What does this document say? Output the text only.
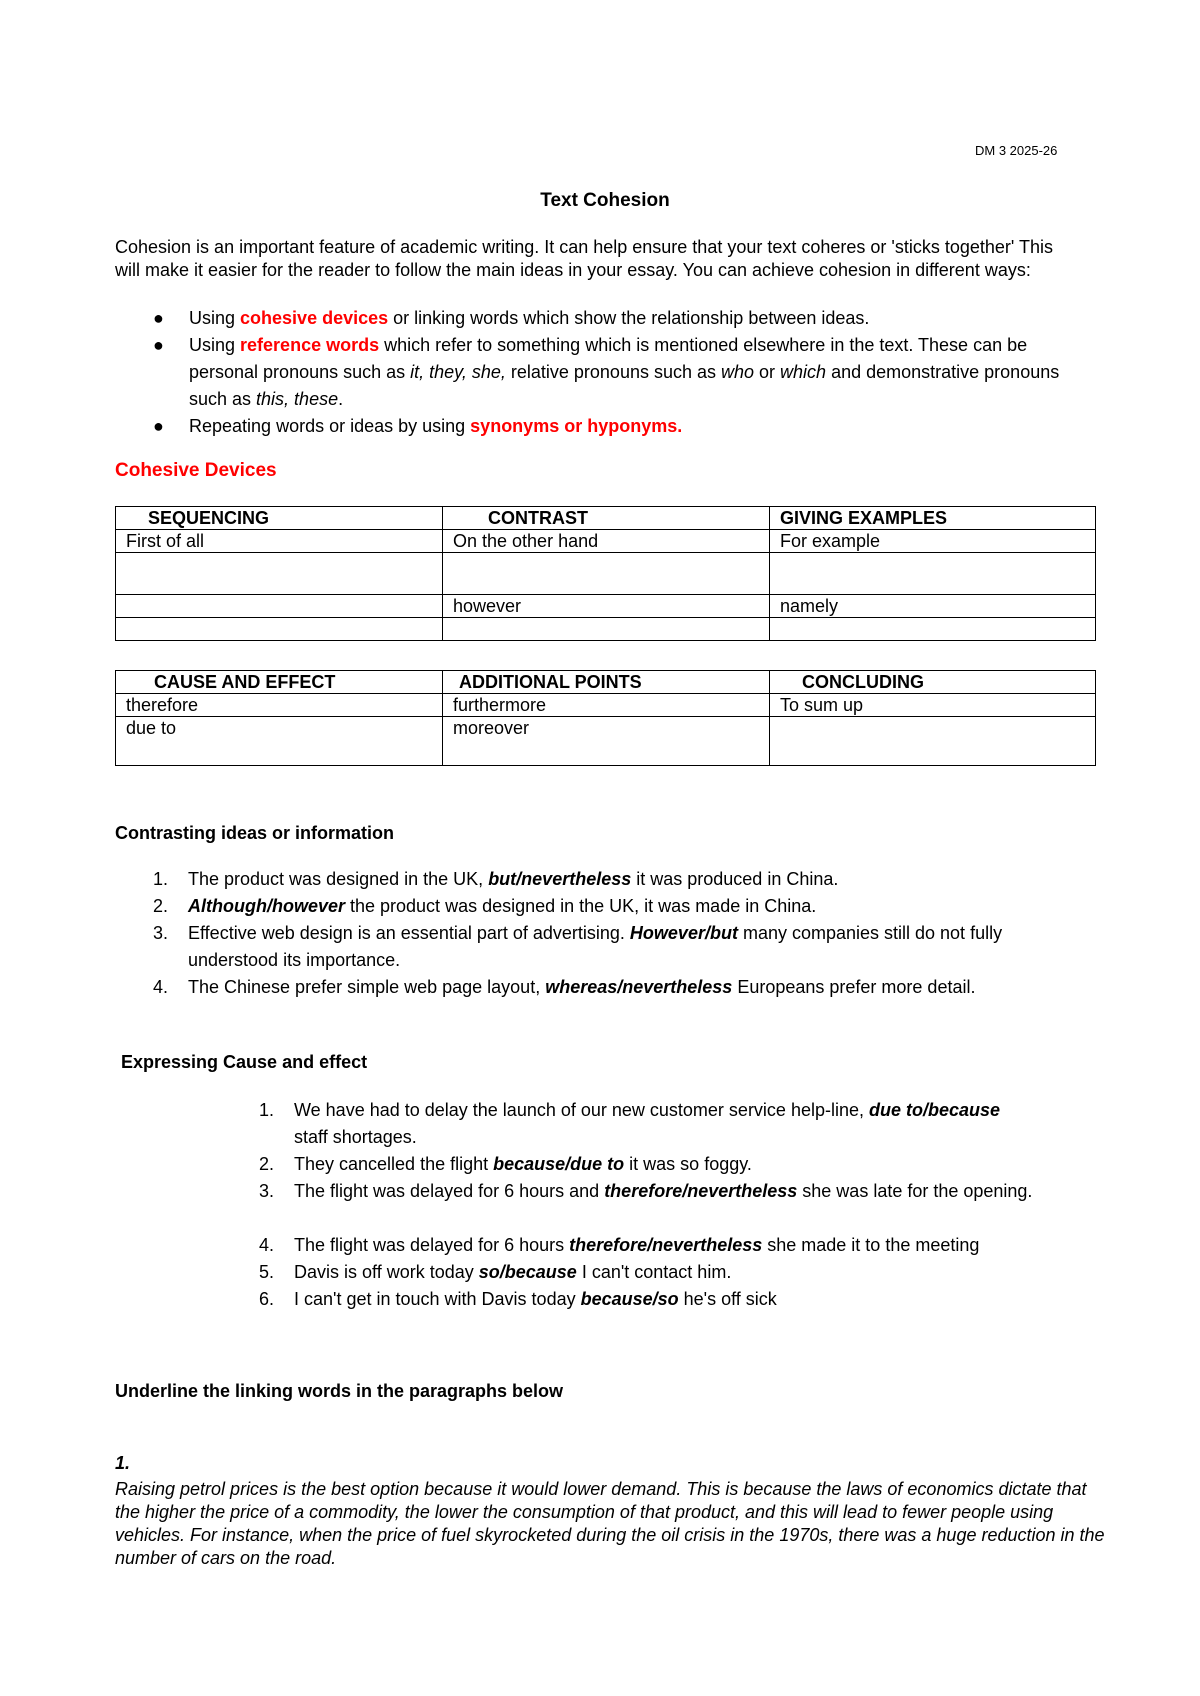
DM 3 2025-26
Text Cohesion
Cohesion is an important feature of academic writing. It can help ensure that your text coheres or 'sticks together' This will make it easier for the reader to follow the main ideas in your essay. You can achieve cohesion in different ways:
● Using cohesive devices or linking words which show the relationship between ideas.
● Using reference words which refer to something which is mentioned elsewhere in the text. These can be personal pronouns such as it, they, she, relative pronouns such as who or which and demonstrative pronouns such as this, these.
● Repeating words or ideas by using synonyms or hyponyms.
Cohesive Devices
SEQUENCING	CONTRAST	GIVING EXAMPLES
First of all	On the other hand	For example

	however	namely

CAUSE AND EFFECT	ADDITIONAL POINTS	CONCLUDING
therefore	furthermore	To sum up
due to	moreover	
Contrasting ideas or information
1. The product was designed in the UK, but/nevertheless it was produced in China.
2. Although/however the product was designed in the UK, it was made in China.
3. Effective web design is an essential part of advertising. However/but many companies still do not fully understood its importance.
4. The Chinese prefer simple web page layout, whereas/nevertheless Europeans prefer more detail.
Expressing Cause and effect
1. We have had to delay the launch of our new customer service help-line, due to/because staff shortages.
2. They cancelled the flight because/due to it was so foggy.
3. The flight was delayed for 6 hours and therefore/nevertheless she was late for the opening.
4. The flight was delayed for 6 hours therefore/nevertheless she made it to the meeting
5. Davis is off work today so/because I can't contact him.
6. I can't get in touch with Davis today because/so he's off sick
Underline the linking words in the paragraphs below
1.
Raising petrol prices is the best option because it would lower demand. This is because the laws of economics dictate that the higher the price of a commodity, the lower the consumption of that product, and this will lead to fewer people using vehicles. For instance, when the price of fuel skyrocketed during the oil crisis in the 1970s, there was a huge reduction in the number of cars on the road.
